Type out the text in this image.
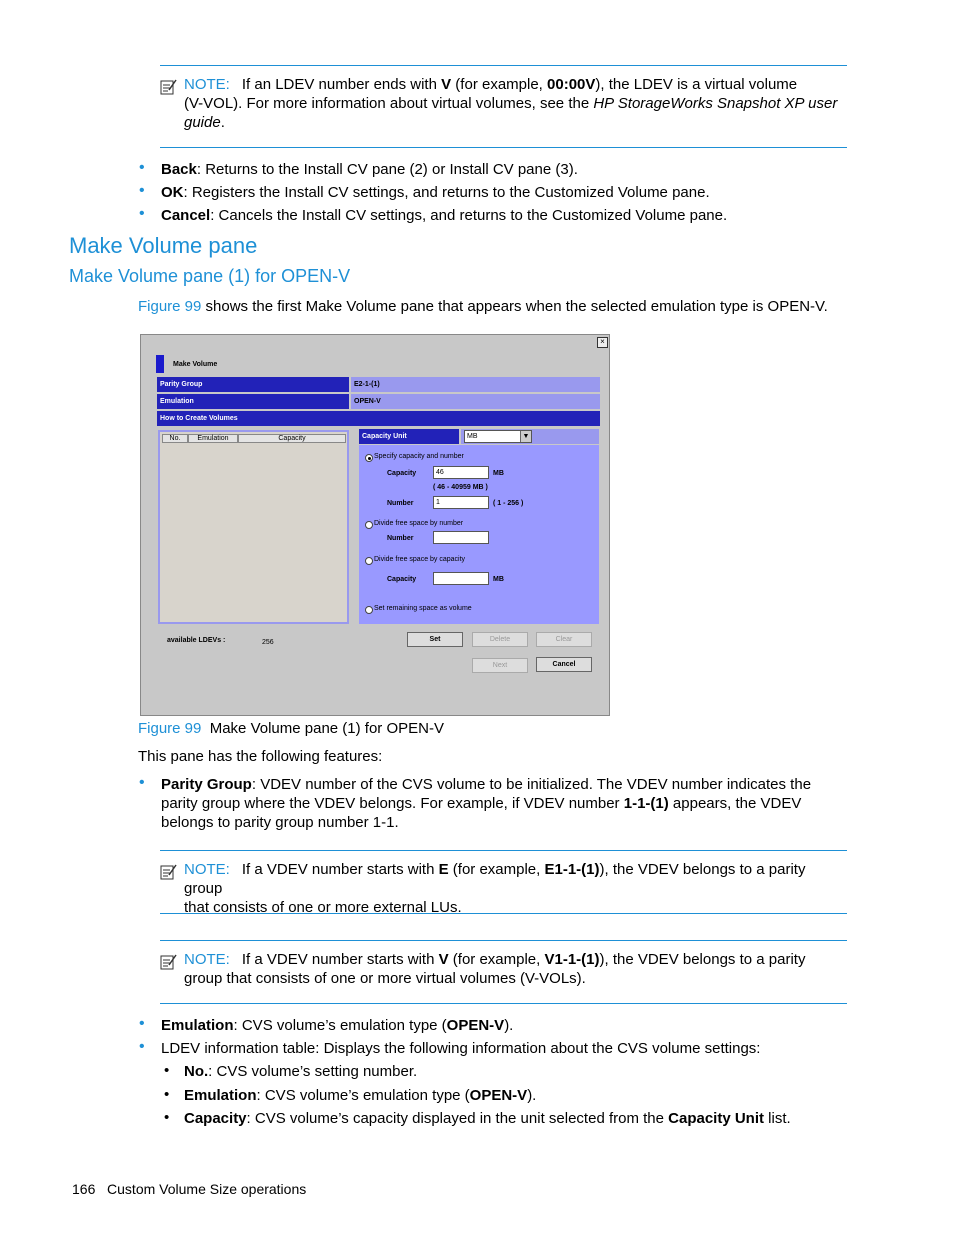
NOTE: If an LDEV number ends with V (for example, 00:00V), the LDEV is a virtual volume
(V-VOL). For more information about virtual volumes, see the HP StorageWorks Snapshot XP user
guide.
• Back: Returns to the Install CV pane (2) or Install CV pane (3).
• OK: Registers the Install CV settings, and returns to the Customized Volume pane.
• Cancel: Cancels the Install CV settings, and returns to the Customized Volume pane.
Make Volume pane
Make Volume pane (1) for OPEN-V
Figure 99 shows the first Make Volume pane that appears when the selected emulation type is OPEN-V.
×
Make Volume
Parity Group	E2-1-(1)
Emulation	OPEN-V
How to Create Volumes
No.	Emulation	Capacity	Capacity Unit	MB	▼
Specify capacity and number
Capacity	46	MB
( 46 - 40959 MB )
Number	1	( 1 - 256 )
Divide free space by number
Number
Divide free space by capacity
Capacity	MB
Set remaining space as volume
available LDEVs :	256	Set	Delete	Clear
Next	Cancel
Figure 99 Make Volume pane (1) for OPEN-V
This pane has the following features:
• Parity Group: VDEV number of the CVS volume to be initialized. The VDEV number indicates the
parity group where the VDEV belongs. For example, if VDEV number 1-1-(1) appears, the VDEV
belongs to parity group number 1-1.
NOTE: If a VDEV number starts with E (for example, E1-1-(1)), the VDEV belongs to a parity group
that consists of one or more external LUs.
NOTE: If a VDEV number starts with V (for example, V1-1-(1)), the VDEV belongs to a parity
group that consists of one or more virtual volumes (V-VOLs).
• Emulation: CVS volume’s emulation type (OPEN-V).
• LDEV information table: Displays the following information about the CVS volume settings:
• No.: CVS volume’s setting number.
• Emulation: CVS volume’s emulation type (OPEN-V).
• Capacity: CVS volume’s capacity displayed in the unit selected from the Capacity Unit list.
166 Custom Volume Size operations
